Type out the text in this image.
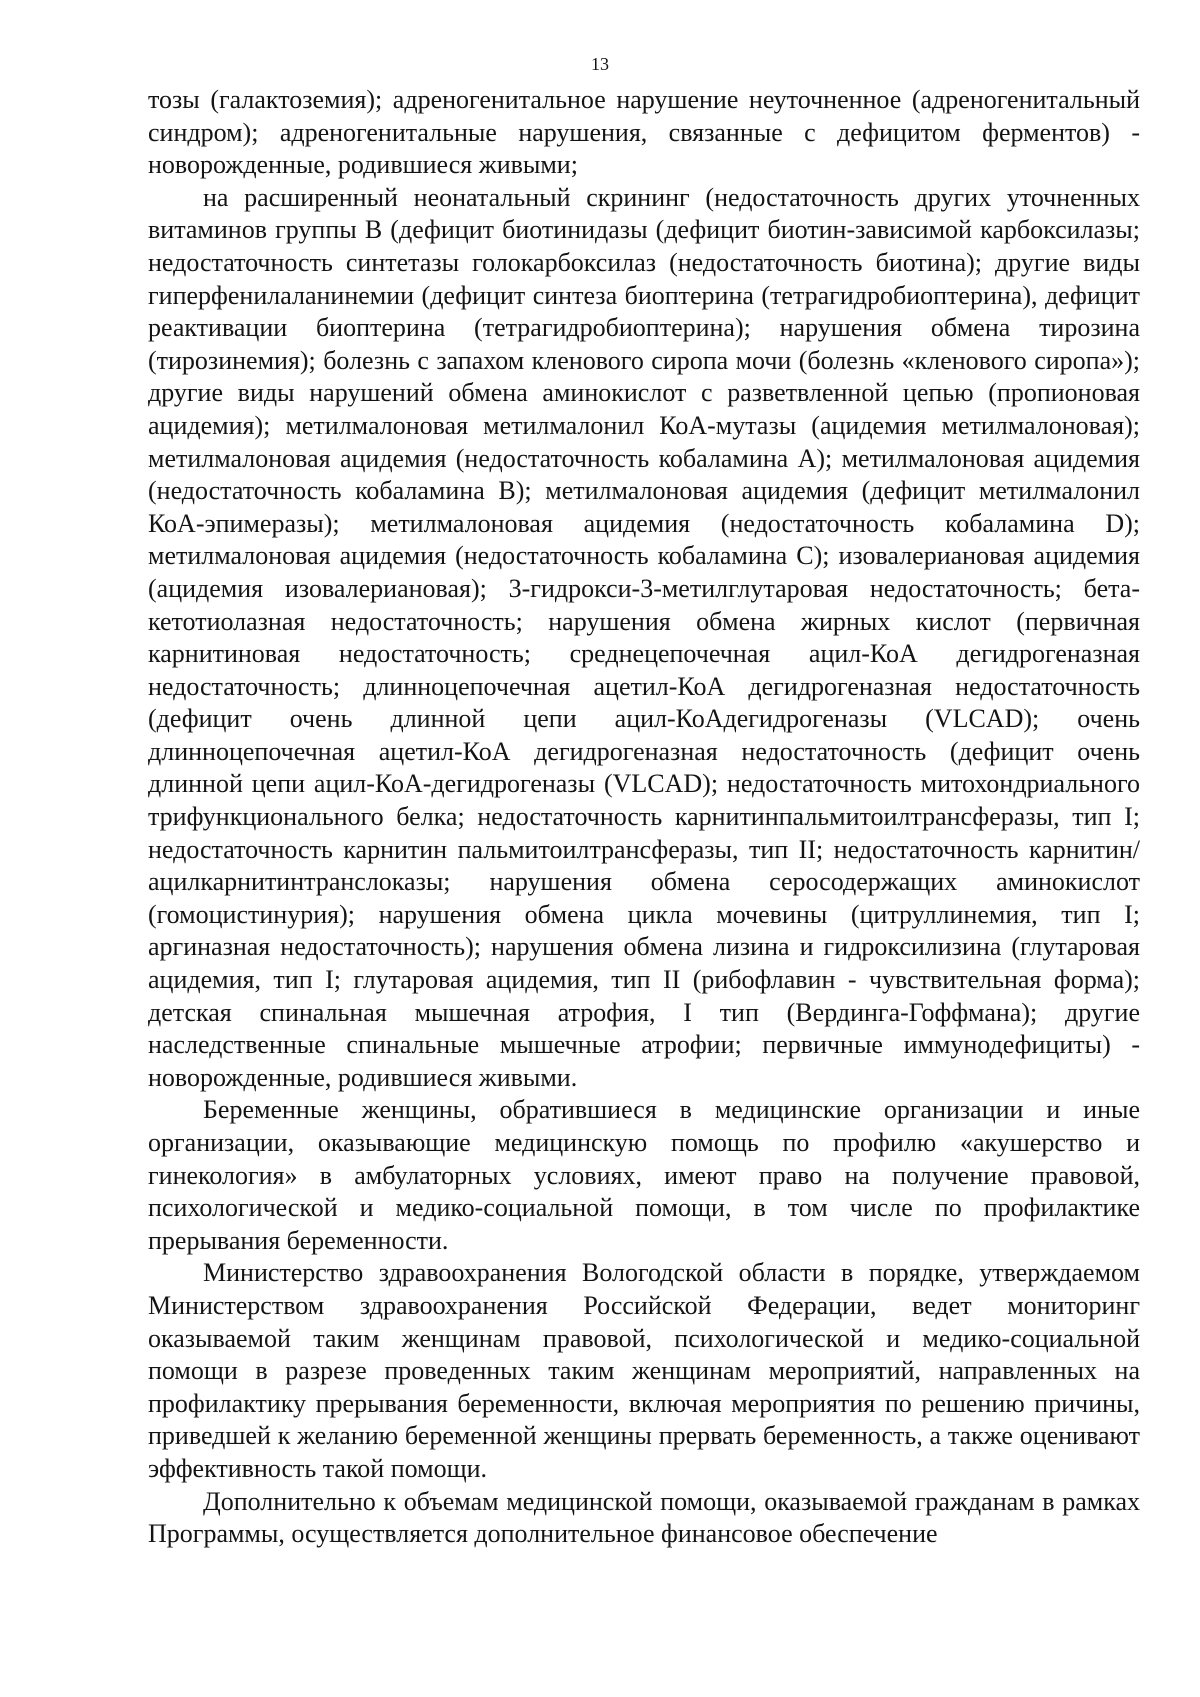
13

тозы (галактоземия); адреногенитальное нарушение неуточненное (адреногенитальный синдром); адреногенитальные нарушения, связанные с дефицитом ферментов) - новорожденные, родившиеся живыми;

на расширенный неонатальный скрининг (недостаточность других уточненных витаминов группы В (дефицит биотинидазы (дефицит биотин-зависимой карбоксилазы; недостаточность синтетазы голокарбоксилаз (недостаточность биотина); другие виды гиперфенилаланинемии (дефицит синтеза биоптерина (тетрагидробиоптерина), дефицит реактивации биоптерина (тетрагидробиоптерина); нарушения обмена тирозина (тирозинемия); болезнь с запахом кленового сиропа мочи (болезнь «кленового сиропа»); другие виды нарушений обмена аминокислот с разветвленной цепью (пропионовая ацидемия); метилмалоновая метилмалонил КоА-мутазы (ацидемия метилмалоновая); метилмалоновая ацидемия (недостаточность кобаламина А); метилмалоновая ацидемия (недостаточность кобаламина В); метилмалоновая ацидемия (дефицит метилмалонил КоА-эпимеразы); метилмалоновая ацидемия (недостаточность кобаламина D); метилмалоновая ацидемия (недостаточность кобаламина С); изовалериановая ацидемия (ацидемия изовалериановая); 3-гидрокси-3-метилглутаровая недостаточность; бета-кетотиолазная недостаточность; нарушения обмена жирных кислот (первичная карнитиновая недостаточность; среднецепочечная ацил-КоА дегидрогеназная недостаточность; длинноцепочечная ацетил-КоА дегидрогеназная недостаточность (дефицит очень длинной цепи ацил-КоАдегидрогеназы (VLCAD); очень длинноцепочечная ацетил-КоА дегидрогеназная недостаточность (дефицит очень длинной цепи ацил-КоА-дегидрогеназы (VLCAD); недостаточность митохондриального трифункционального белка; недостаточность карнитинпальмитоилтрансферазы, тип I; недостаточность карнитин пальмитоилтрансферазы, тип II; недостаточность карнитин/ацилкарнитинтранслоказы; нарушения обмена серосодержащих аминокислот (гомоцистинурия); нарушения обмена цикла мочевины (цитруллинемия, тип I; аргиназная недостаточность); нарушения обмена лизина и гидроксилизина (глутаровая ацидемия, тип I; глутаровая ацидемия, тип II (рибофлавин - чувствительная форма); детская спинальная мышечная атрофия, I тип (Вердинга-Гоффмана); другие наследственные спинальные мышечные атрофии; первичные иммунодефициты) - новорожденные, родившиеся живыми.

Беременные женщины, обратившиеся в медицинские организации и иные организации, оказывающие медицинскую помощь по профилю «акушерство и гинекология» в амбулаторных условиях, имеют право на получение правовой, психологической и медико-социальной помощи, в том числе по профилактике прерывания беременности.

Министерство здравоохранения Вологодской области в порядке, утверждаемом Министерством здравоохранения Российской Федерации, ведет мониторинг оказываемой таким женщинам правовой, психологической и медико-социальной помощи в разрезе проведенных таким женщинам мероприятий, направленных на профилактику прерывания беременности, включая мероприятия по решению причины, приведшей к желанию беременной женщины прервать беременность, а также оценивают эффективность такой помощи.

Дополнительно к объемам медицинской помощи, оказываемой гражданам в рамках Программы, осуществляется дополнительное финансовое обеспечение
